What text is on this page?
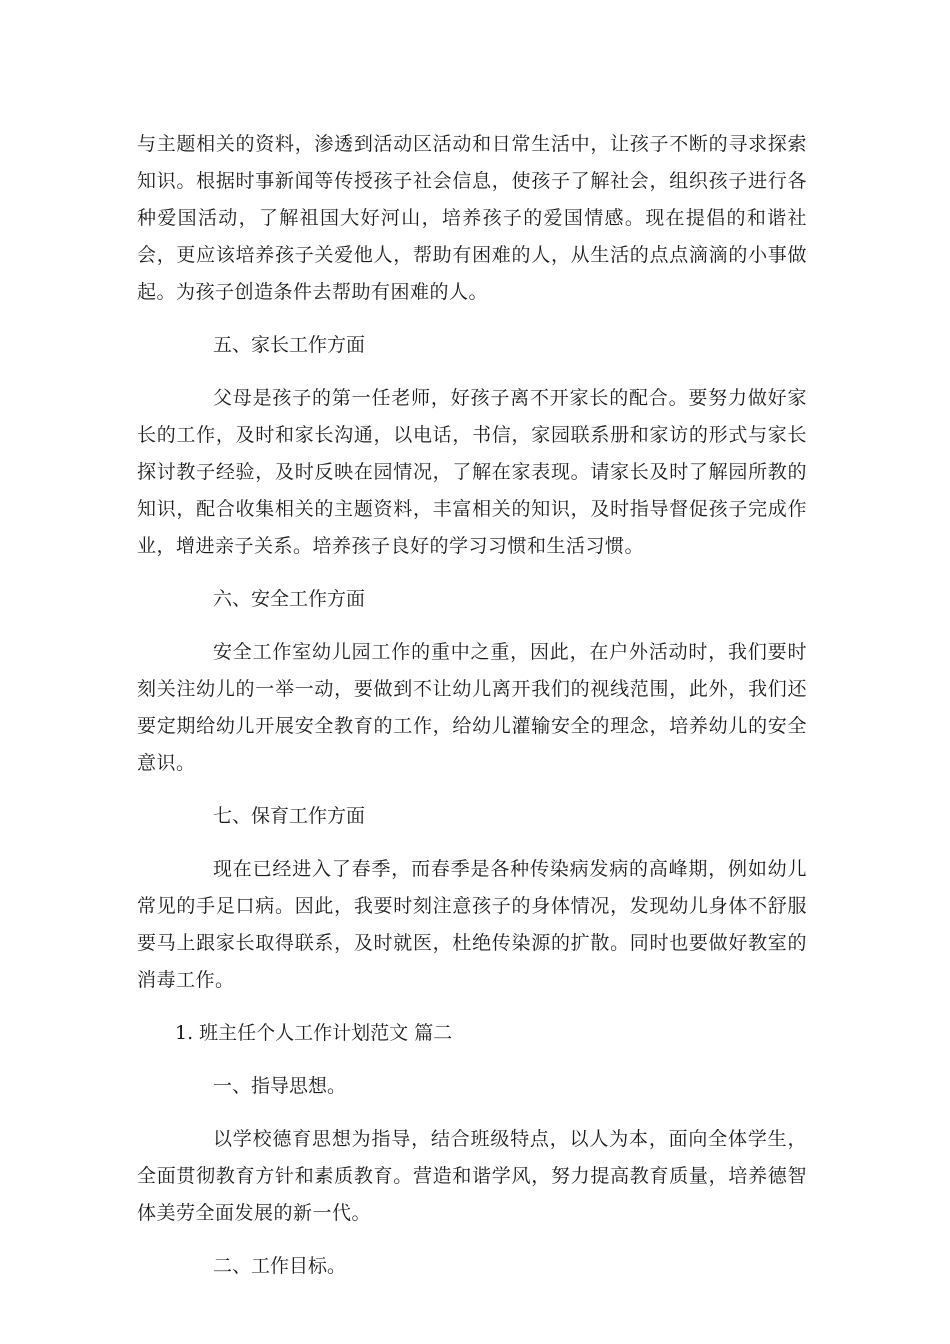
与主题相关的资料，渗透到活动区活动和日常生活中，让孩子不断的寻求探索知识。根据时事新闻等传授孩子社会信息，使孩子了解社会，组织孩子进行各种爱国活动，了解祖国大好河山，培养孩子的爱国情感。现在提倡的和谐社会，更应该培养孩子关爱他人，帮助有困难的人，从生活的点点滴滴的小事做起。为孩子创造条件去帮助有困难的人。

五、家长工作方面

父母是孩子的第一任老师，好孩子离不开家长的配合。要努力做好家长的工作，及时和家长沟通，以电话，书信，家园联系册和家访的形式与家长探讨教子经验，及时反映在园情况，了解在家表现。请家长及时了解园所教的知识，配合收集相关的主题资料，丰富相关的知识，及时指导督促孩子完成作业，增进亲子关系。培养孩子良好的学习习惯和生活习惯。

六、安全工作方面

安全工作室幼儿园工作的重中之重，因此，在户外活动时，我们要时刻关注幼儿的一举一动，要做到不让幼儿离开我们的视线范围，此外，我们还要定期给幼儿开展安全教育的工作，给幼儿灌输安全的理念，培养幼儿的安全意识。

七、保育工作方面

现在已经进入了春季，而春季是各种传染病发病的高峰期，例如幼儿常见的手足口病。因此，我要时刻注意孩子的身体情况，发现幼儿身体不舒服要马上跟家长取得联系，及时就医，杜绝传染源的扩散。同时也要做好教室的消毒工作。

1. 班主任个人工作计划范文 篇二

一、指导思想。

以学校德育思想为指导，结合班级特点，以人为本，面向全体学生，全面贯彻教育方针和素质教育。营造和谐学风，努力提高教育质量，培养德智体美劳全面发展的新一代。

二、工作目标。
